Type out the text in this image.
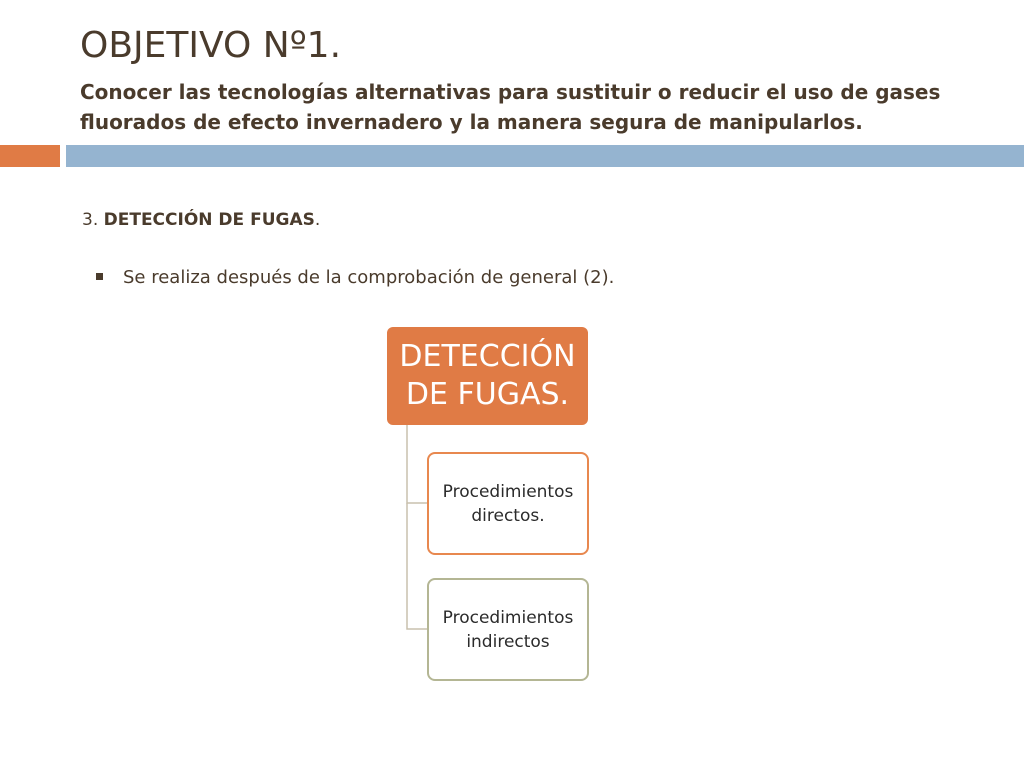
OBJETIVO Nº1.
Conocer las tecnologías alternativas para sustituir o reducir el uso de gases fluorados de efecto invernadero y la manera segura de manipularlos.
3. DETECCIÓN DE FUGAS.
Se realiza después de la comprobación de general (2).
DETECCIÓN DE FUGAS.
Procedimientos directos.
Procedimientos indirectos
